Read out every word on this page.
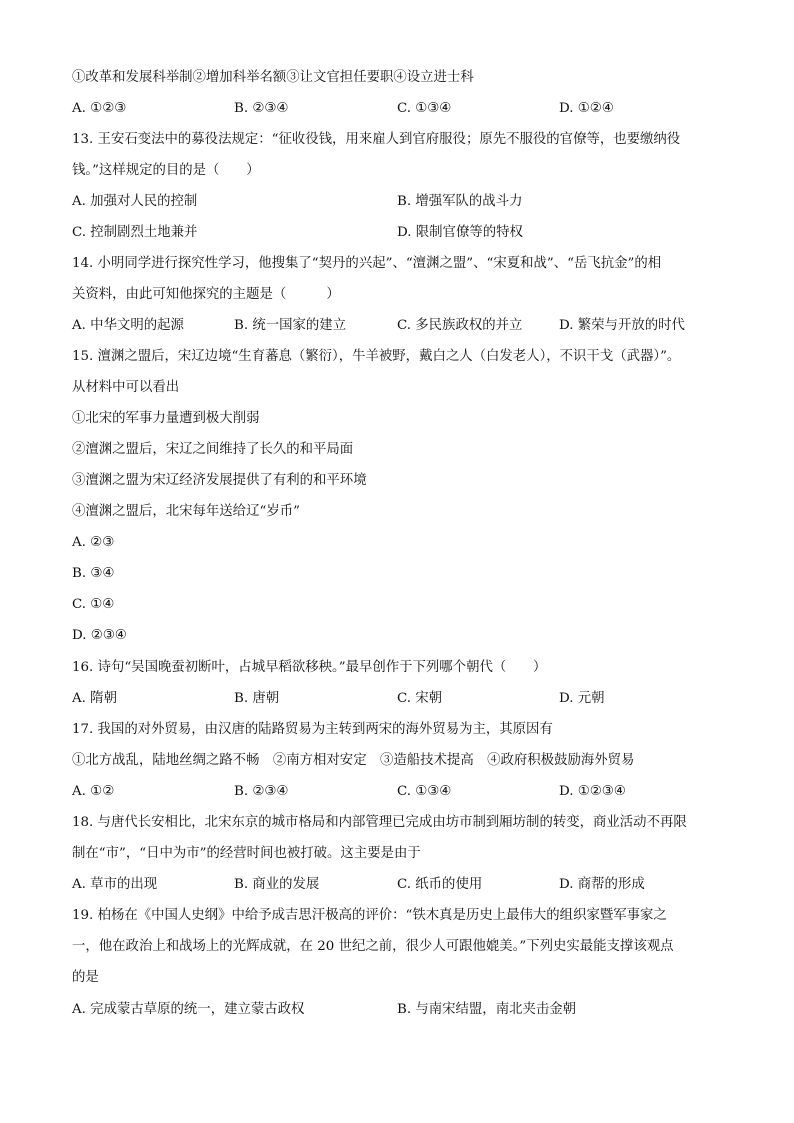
①改革和发展科举制②增加科举名额③让文官担任要职④设立进士科
A. ①②③	B. ②③④	C. ①③④	D. ①②④
13. 王安石变法中的募役法规定：“征收役钱，用来雇人到官府服役；原先不服役的官僚等，也要缴纳役
钱。”这样规定的目的是（　　）
A. 加强对人民的控制	B. 增强军队的战斗力
C. 控制剧烈土地兼并	D. 限制官僚等的特权
14. 小明同学进行探究性学习，他搜集了“契丹的兴起”、“澶渊之盟”、“宋夏和战”、“岳飞抗金”的相
关资料，由此可知他探究的主题是（　　　）
A. 中华文明的起源	B. 统一国家的建立	C. 多民族政权的并立	D. 繁荣与开放的时代
15. 澶渊之盟后，宋辽边境“生育蕃息（繁衍），牛羊被野，戴白之人（白发老人），不识干戈（武器）”。
从材料中可以看出
①北宋的军事力量遭到极大削弱
②澶渊之盟后，宋辽之间维持了长久的和平局面
③澶渊之盟为宋辽经济发展提供了有利的和平环境
④澶渊之盟后，北宋每年送给辽“岁币”
A. ②③
B. ③④
C. ①④
D. ②③④
16. 诗句“吴国晚蚕初断叶，占城早稻欲移秧。”最早创作于下列哪个朝代（　　）
A. 隋朝	B. 唐朝	C. 宋朝	D. 元朝
17. 我国的对外贸易，由汉唐的陆路贸易为主转到两宋的海外贸易为主，其原因有
①北方战乱，陆地丝绸之路不畅　②南方相对安定　③造船技术提高　④政府积极鼓励海外贸易
A. ①②	B. ②③④	C. ①③④	D. ①②③④
18. 与唐代长安相比，北宋东京的城市格局和内部管理已完成由坊市制到厢坊制的转变，商业活动不再限
制在“市”，“日中为市”的经营时间也被打破。这主要是由于
A. 草市的出现	B. 商业的发展	C. 纸币的使用	D. 商帮的形成
19. 柏杨在《中国人史纲》中给予成吉思汗极高的评价：“铁木真是历史上最伟大的组织家暨军事家之
一，他在政治上和战场上的光辉成就，在 20 世纪之前，很少人可跟他媲美。”下列史实最能支撑该观点
的是
A. 完成蒙古草原的统一，建立蒙古政权	B. 与南宋结盟，南北夹击金朝
